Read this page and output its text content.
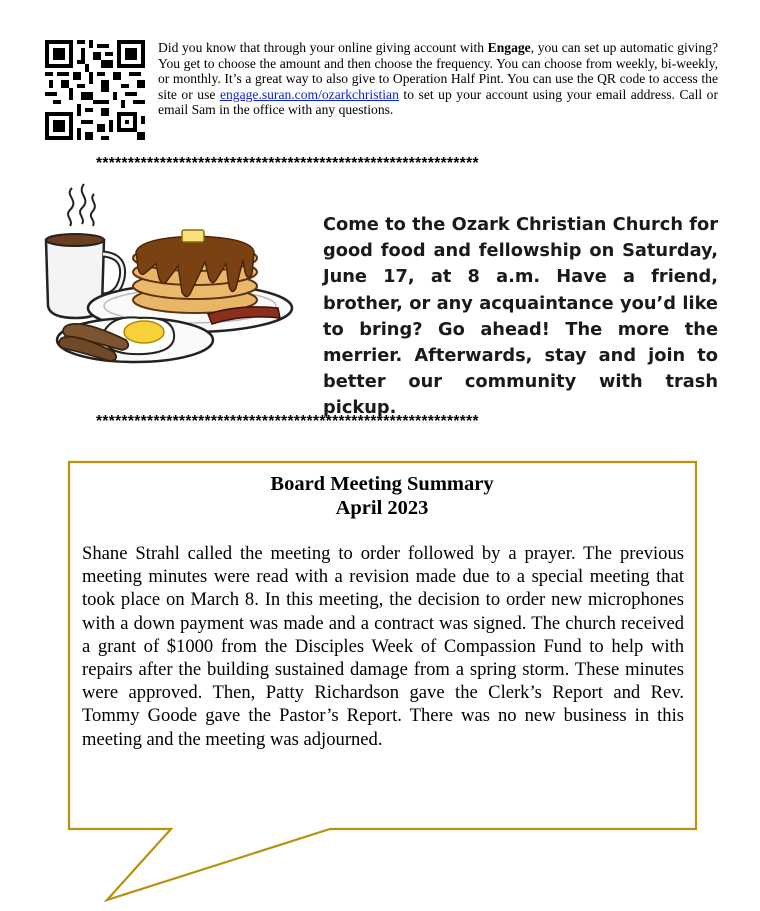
Did you know that through your online giving account with Engage, you can set up automatic giving? You get to choose the amount and then choose the frequency. You can choose from weekly, bi-weekly, or monthly. It’s a great way to also give to Operation Half Pint. You can use the QR code to access the site or use engage.suran.com/ozarkchristian to set up your account using your email address. Call or email Sam in the office with any questions.

************************************************************

Come to the Ozark Christian Church for good food and fellowship on Saturday, June 17, at 8 a.m. Have a friend, brother, or any acquaintance you’d like to bring? Go ahead! The more the merrier. Afterwards, stay and join to better our community with trash pickup.

************************************************************
Board Meeting Summary
April 2023

Shane Strahl called the meeting to order followed by a prayer. The previous meeting minutes were read with a revision made due to a special meeting that took place on March 8. In this meeting, the decision to order new microphones with a down payment was made and a contract was signed. The church received a grant of $1000 from the Disciples Week of Compassion Fund to help with repairs after the building sustained damage from a spring storm. These minutes were approved. Then, Patty Richardson gave the Clerk’s Report and Rev. Tommy Goode gave the Pastor’s Report. There was no new business in this meeting and the meeting was adjourned.
